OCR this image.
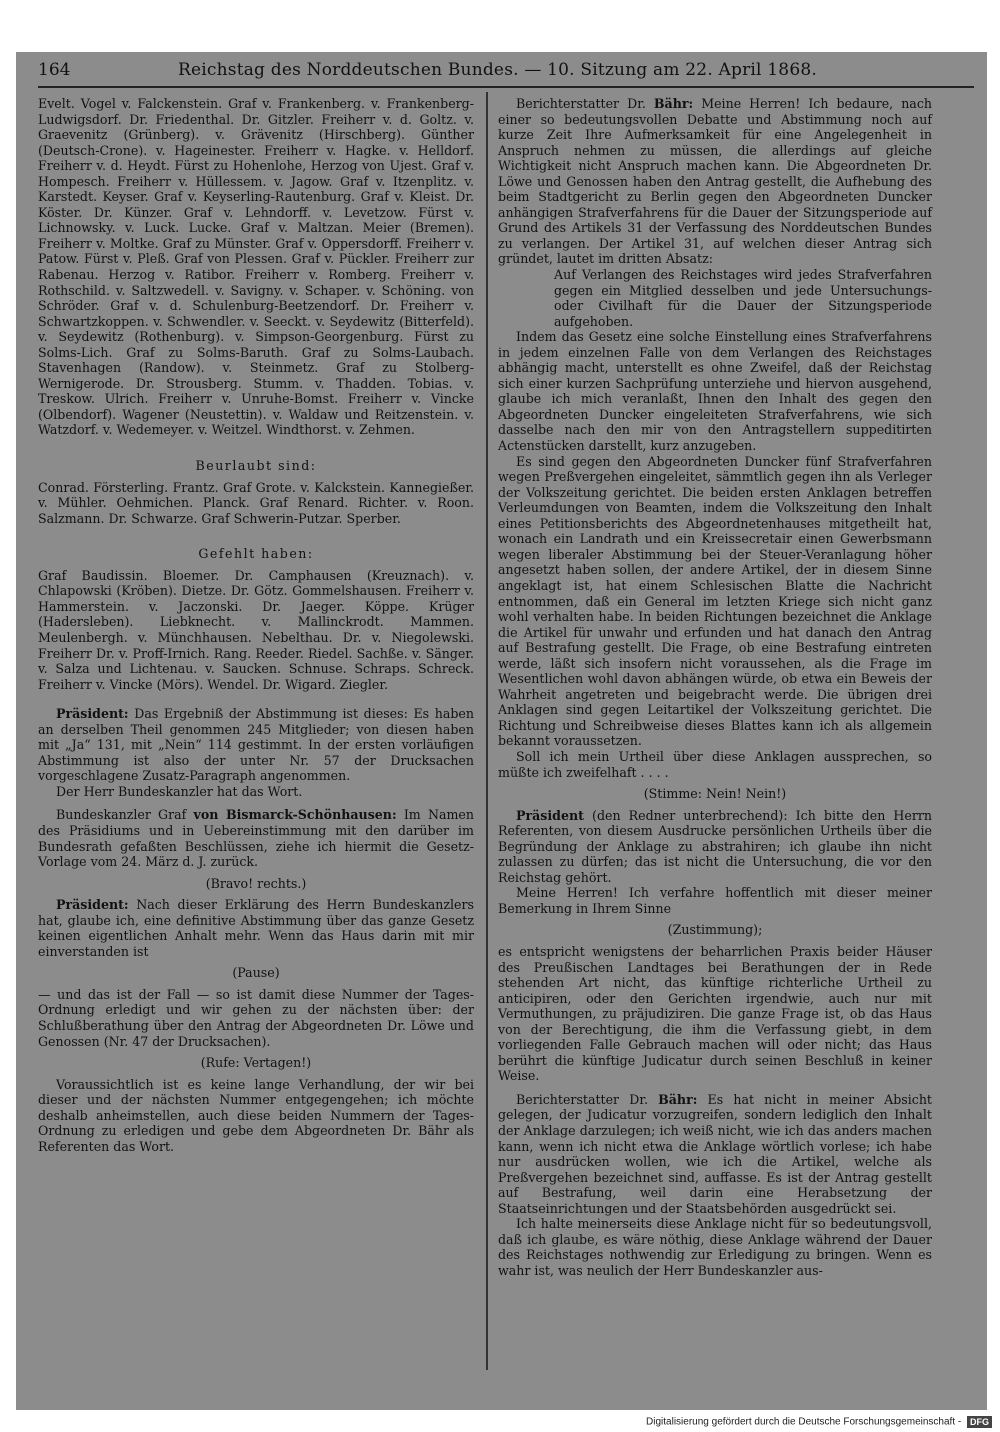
164	Reichstag des Norddeutschen Bundes. — 10. Sitzung am 22. April 1868.

Evelt. Vogel v. Falckenstein. Graf v. Frankenberg. v. Frankenberg-Ludwigsdorf. Dr. Friedenthal. Dr. Gitzler. Freiherr v. d. Goltz. v. Graevenitz (Grünberg). v. Grävenitz (Hirschberg). Günther (Deutsch-Crone). v. Hageinester. Freiherr v. Hagke. v. Helldorf. Freiherr v. d. Heydt. Fürst zu Hohenlohe, Herzog von Ujest. Graf v. Hompesch. Freiherr v. Hüllessem. v. Jagow. Graf v. Itzenplitz. v. Karstedt. Keyser. Graf v. Keyserling-Rautenburg. Graf v. Kleist. Dr. Köster. Dr. Künzer. Graf v. Lehndorff. v. Levetzow. Fürst v. Lichnowsky. v. Luck. Lucke. Graf v. Maltzan. Meier (Bremen). Freiherr v. Moltke. Graf zu Münster. Graf v. Oppersdorff. Freiherr v. Patow. Fürst v. Pleß. Graf von Plessen. Graf v. Pückler. Freiherr zur Rabenau. Herzog v. Ratibor. Freiherr v. Romberg. Freiherr v. Rothschild. v. Saltzwedell. v. Savigny. v. Schaper. v. Schöning. von Schröder. Graf v. d. Schulenburg-Beetzendorf. Dr. Freiherr v. Schwartzkoppen. v. Schwendler. v. Seeckt. v. Seydewitz (Bitterfeld). v. Seydewitz (Rothenburg). v. Simpson-Georgenburg. Fürst zu Solms-Lich. Graf zu Solms-Baruth. Graf zu Solms-Laubach. Stavenhagen (Randow). v. Steinmetz. Graf zu Stolberg-Wernigerode. Dr. Strousberg. Stumm. v. Thadden. Tobias. v. Treskow. Ulrich. Freiherr v. Unruhe-Bomst. Freiherr v. Vincke (Olbendorf). Wagener (Neustettin). v. Waldaw und Reitzenstein. v. Watzdorf. v. Wedemeyer. v. Weitzel. Windthorst. v. Zehmen.

Beurlaubt sind:

Conrad. Försterling. Frantz. Graf Grote. v. Kalckstein. Kannegießer. v. Mühler. Oehmichen. Planck. Graf Renard. Richter. v. Roon. Salzmann. Dr. Schwarze. Graf Schwerin-Putzar. Sperber.

Gefehlt haben:

Graf Baudissin. Bloemer. Dr. Camphausen (Kreuznach). v. Chlapowski (Kröben). Dietze. Dr. Götz. Gommelshausen. Freiherr v. Hammerstein. v. Jaczonski. Dr. Jaeger. Köppe. Krüger (Hadersleben). Liebknecht. v. Mallinckrodt. Mammen. Meulenbergh. v. Münchhausen. Nebelthau. Dr. v. Niegolewski. Freiherr Dr. v. Proff-Irnich. Rang. Reeder. Riedel. Sachße. v. Sänger. v. Salza und Lichtenau. v. Saucken. Schnuse. Schraps. Schreck. Freiherr v. Vincke (Mörs). Wendel. Dr. Wigard. Ziegler.

Präsident: Das Ergebniß der Abstimmung ist dieses: Es haben an derselben Theil genommen 245 Mitglieder; von diesen haben mit „Ja“ 131, mit „Nein“ 114 gestimmt. In der ersten vorläufigen Abstimmung ist also der unter Nr. 57 der Drucksachen vorgeschlagene Zusatz-Paragraph angenommen.

Der Herr Bundeskanzler hat das Wort.

Bundeskanzler Graf von Bismarck-Schönhausen: Im Namen des Präsidiums und in Uebereinstimmung mit den darüber im Bundesrath gefaßten Beschlüssen, ziehe ich hiermit die Gesetz-Vorlage vom 24. März d. J. zurück.

(Bravo! rechts.)

Präsident: Nach dieser Erklärung des Herrn Bundeskanzlers hat, glaube ich, eine definitive Abstimmung über das ganze Gesetz keinen eigentlichen Anhalt mehr. Wenn das Haus darin mit mir einverstanden ist

(Pause)

— und das ist der Fall — so ist damit diese Nummer der Tages-Ordnung erledigt und wir gehen zu der nächsten über: der Schlußberathung über den Antrag der Abgeordneten Dr. Löwe und Genossen (Nr. 47 der Drucksachen).

(Rufe: Vertagen!)

Voraussichtlich ist es keine lange Verhandlung, der wir bei dieser und der nächsten Nummer entgegengehen; ich möchte deshalb anheimstellen, auch diese beiden Nummern der Tages-Ordnung zu erledigen und gebe dem Abgeordneten Dr. Bähr als Referenten das Wort.

Berichterstatter Dr. Bähr: Meine Herren! Ich bedaure, nach einer so bedeutungsvollen Debatte und Abstimmung noch auf kurze Zeit Ihre Aufmerksamkeit für eine Angelegenheit in Anspruch nehmen zu müssen, die allerdings auf gleiche Wichtigkeit nicht Anspruch machen kann. Die Abgeordneten Dr. Löwe und Genossen haben den Antrag gestellt, die Aufhebung des beim Stadtgericht zu Berlin gegen den Abgeordneten Duncker anhängigen Strafverfahrens für die Dauer der Sitzungsperiode auf Grund des Artikels 31 der Verfassung des Norddeutschen Bundes zu verlangen. Der Artikel 31, auf welchen dieser Antrag sich gründet, lautet im dritten Absatz:

Auf Verlangen des Reichstages wird jedes Strafverfahren gegen ein Mitglied desselben und jede Untersuchungs- oder Civilhaft für die Dauer der Sitzungsperiode aufgehoben.

Indem das Gesetz eine solche Einstellung eines Strafverfahrens in jedem einzelnen Falle von dem Verlangen des Reichstages abhängig macht, unterstellt es ohne Zweifel, daß der Reichstag sich einer kurzen Sachprüfung unterziehe und hiervon ausgehend, glaube ich mich veranlaßt, Ihnen den Inhalt des gegen den Abgeordneten Duncker eingeleiteten Strafverfahrens, wie sich dasselbe nach den mir von den Antragstellern suppeditirten Actenstücken darstellt, kurz anzugeben.

Es sind gegen den Abgeordneten Duncker fünf Strafverfahren wegen Preßvergehen eingeleitet, sämmtlich gegen ihn als Verleger der Volkszeitung gerichtet. Die beiden ersten Anklagen betreffen Verleumdungen von Beamten, indem die Volkszeitung den Inhalt eines Petitionsberichts des Abgeordnetenhauses mitgetheilt hat, wonach ein Landrath und ein Kreissecretair einen Gewerbsmann wegen liberaler Abstimmung bei der Steuer-Veranlagung höher angesetzt haben sollen, der andere Artikel, der in diesem Sinne angeklagt ist, hat einem Schlesischen Blatte die Nachricht entnommen, daß ein General im letzten Kriege sich nicht ganz wohl verhalten habe. In beiden Richtungen bezeichnet die Anklage die Artikel für unwahr und erfunden und hat danach den Antrag auf Bestrafung gestellt. Die Frage, ob eine Bestrafung eintreten werde, läßt sich insofern nicht voraussehen, als die Frage im Wesentlichen wohl davon abhängen würde, ob etwa ein Beweis der Wahrheit angetreten und beigebracht werde. Die übrigen drei Anklagen sind gegen Leitartikel der Volkszeitung gerichtet. Die Richtung und Schreibweise dieses Blattes kann ich als allgemein bekannt voraussetzen.

Soll ich mein Urtheil über diese Anklagen aussprechen, so müßte ich zweifelhaft . . . .

(Stimme: Nein! Nein!)

Präsident (den Redner unterbrechend): Ich bitte den Herrn Referenten, von diesem Ausdrucke persönlichen Urtheils über die Begründung der Anklage zu abstrahiren; ich glaube ihn nicht zulassen zu dürfen; das ist nicht die Untersuchung, die vor den Reichstag gehört.

Meine Herren! Ich verfahre hoffentlich mit dieser meiner Bemerkung in Ihrem Sinne

(Zustimmung);

es entspricht wenigstens der beharrlichen Praxis beider Häuser des Preußischen Landtages bei Berathungen der in Rede stehenden Art nicht, das künftige richterliche Urtheil zu anticipiren, oder den Gerichten irgendwie, auch nur mit Vermuthungen, zu präjudiziren. Die ganze Frage ist, ob das Haus von der Berechtigung, die ihm die Verfassung giebt, in dem vorliegenden Falle Gebrauch machen will oder nicht; das Haus berührt die künftige Judicatur durch seinen Beschluß in keiner Weise.

Berichterstatter Dr. Bähr: Es hat nicht in meiner Absicht gelegen, der Judicatur vorzugreifen, sondern lediglich den Inhalt der Anklage darzulegen; ich weiß nicht, wie ich das anders machen kann, wenn ich nicht etwa die Anklage wörtlich vorlese; ich habe nur ausdrücken wollen, wie ich die Artikel, welche als Preßvergehen bezeichnet sind, auffasse. Es ist der Antrag gestellt auf Bestrafung, weil darin eine Herabsetzung der Staatseinrichtungen und der Staatsbehörden ausgedrückt sei.

Ich halte meinerseits diese Anklage nicht für so bedeutungsvoll, daß ich glaube, es wäre nöthig, diese Anklage während der Dauer des Reichstages nothwendig zur Erledigung zu bringen. Wenn es wahr ist, was neulich der Herr Bundeskanzler aus-

Digitalisierung gefördert durch die Deutsche Forschungsgemeinschaft - DFG
